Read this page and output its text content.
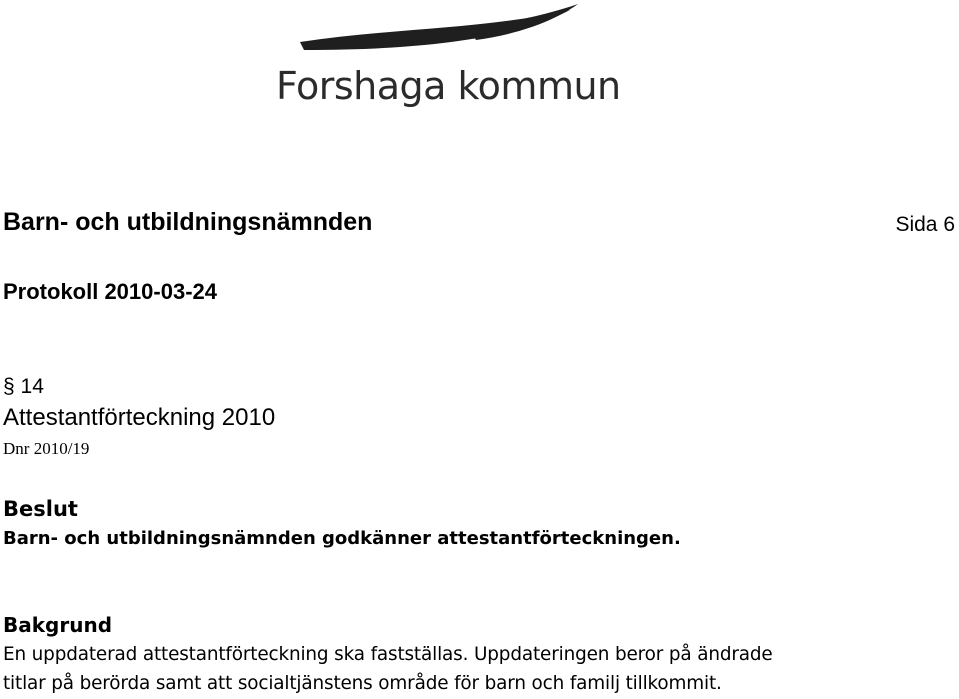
Forshaga kommun
Barn- och utbildningsnämnden	Sida 6
Protokoll 2010-03-24
§ 14
Attestantförteckning 2010
Dnr 2010/19
Beslut
Barn- och utbildningsnämnden godkänner attestantförteckningen.
Bakgrund
En uppdaterad attestantförteckning ska fastställas. Uppdateringen beror på ändrade
titlar på berörda samt att socialtjänstens område för barn och familj tillkommit.
